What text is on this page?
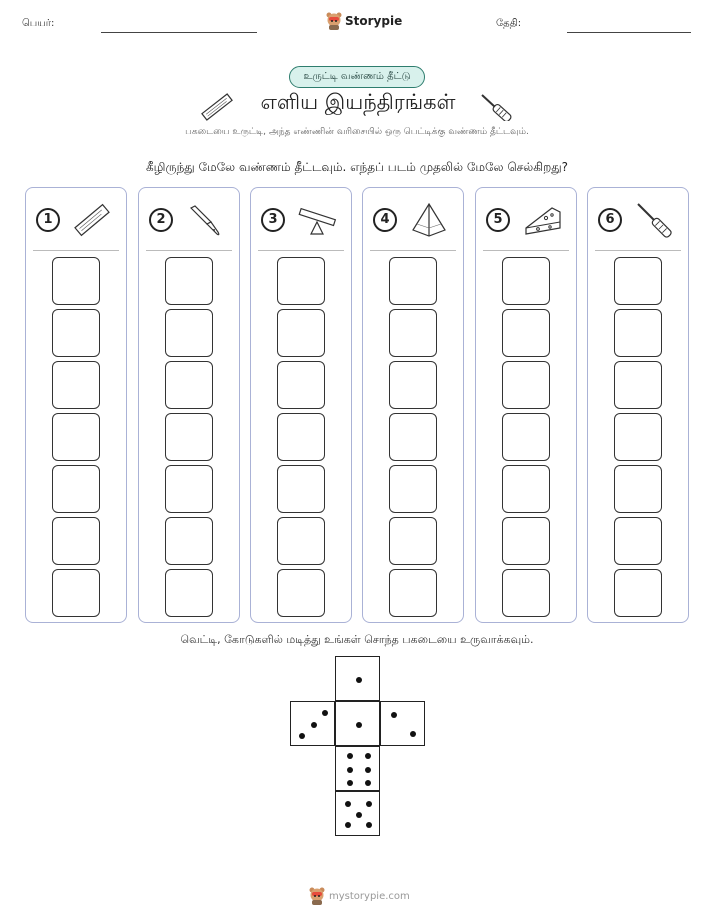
பெயர்:	Storypie	தேதி:
உருட்டி வண்ணம் தீட்டு
எளிய இயந்திரங்கள்
பகடையை உருட்டி, அந்த எண்ணின் வரிசையில் ஒரு பெட்டிக்கு வண்ணம் தீட்டவும்.
கீழிருந்து மேலே வண்ணம் தீட்டவும். எந்தப் படம் முதலில் மேலே செல்கிறது?
1	2	3	4	5	6
வெட்டி, கோடுகளில் மடித்து உங்கள் சொந்த பகடையை உருவாக்கவும்.
mystorypie.com
